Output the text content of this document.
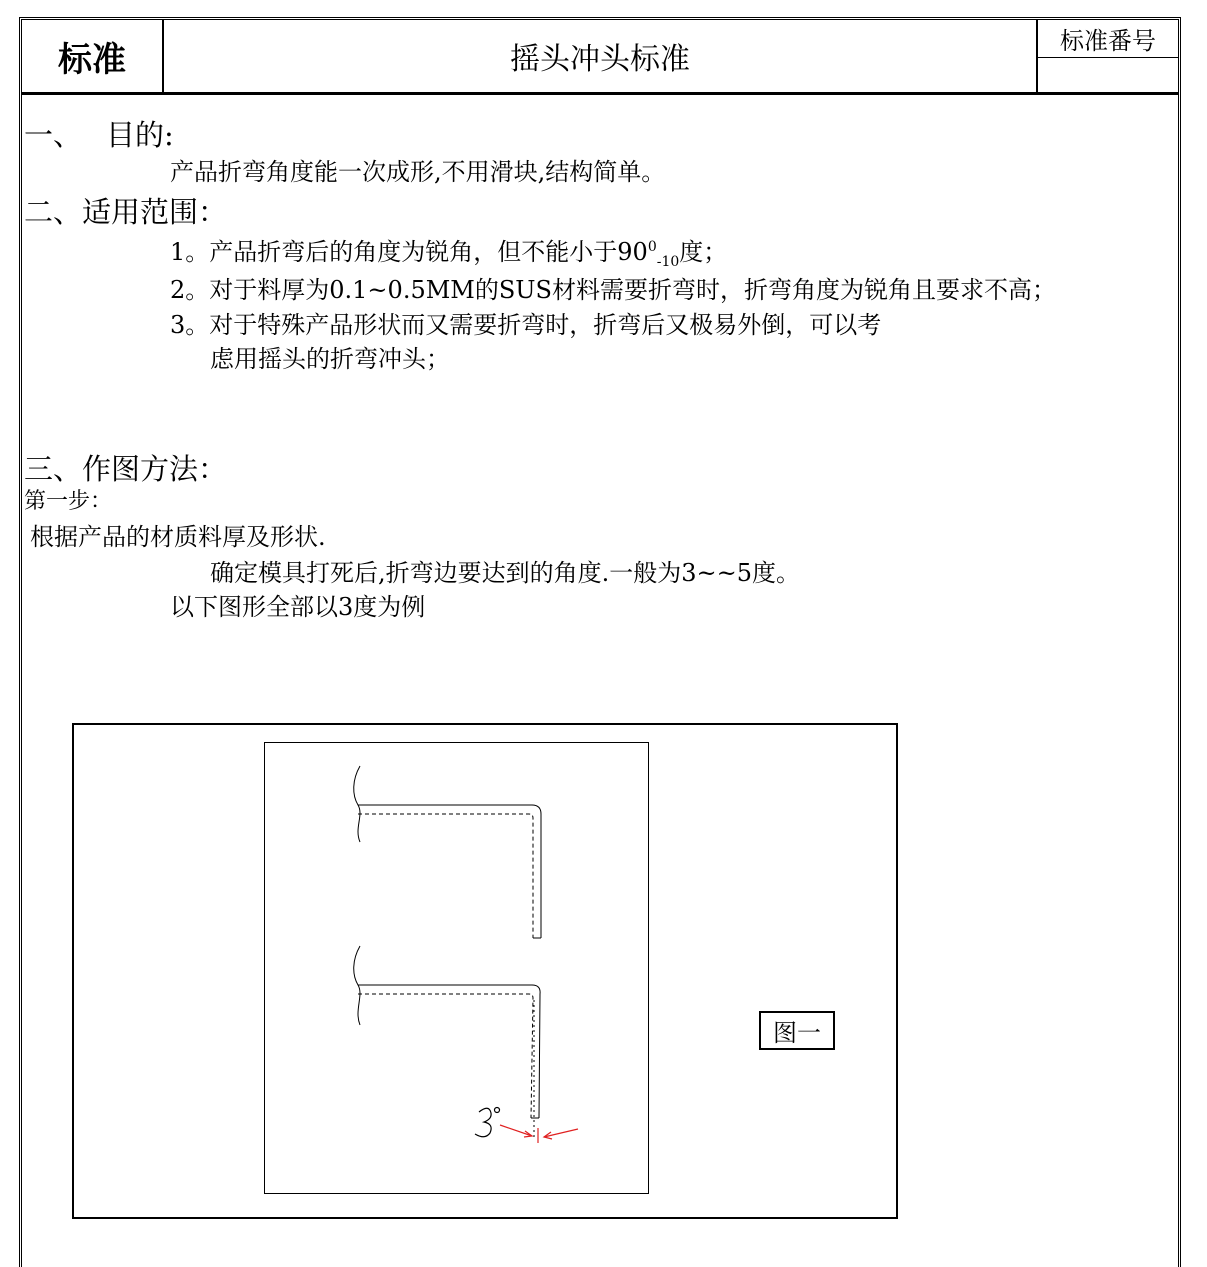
标准	摇头冲头标准
标准番号
一、 目的:
产品折弯角度能一次成形,不用滑块,结构简单。
二、适用范围：
1。产品折弯后的角度为锐角，但不能小于$90^0_{-10}$度；
2。对于料厚为0.1~0.5MM的SUS材料需要折弯时，折弯角度为锐角且要求不高；
3。对于特殊产品形状而又需要折弯时，折弯后又极易外倒，可以考
虑用摇头的折弯冲头；
三、作图方法：
第一步：
根据产品的材质料厚及形状.
确定模具打死后,折弯边要达到的角度.一般为3~~5度。
以下图形全部以3度为例
图一
